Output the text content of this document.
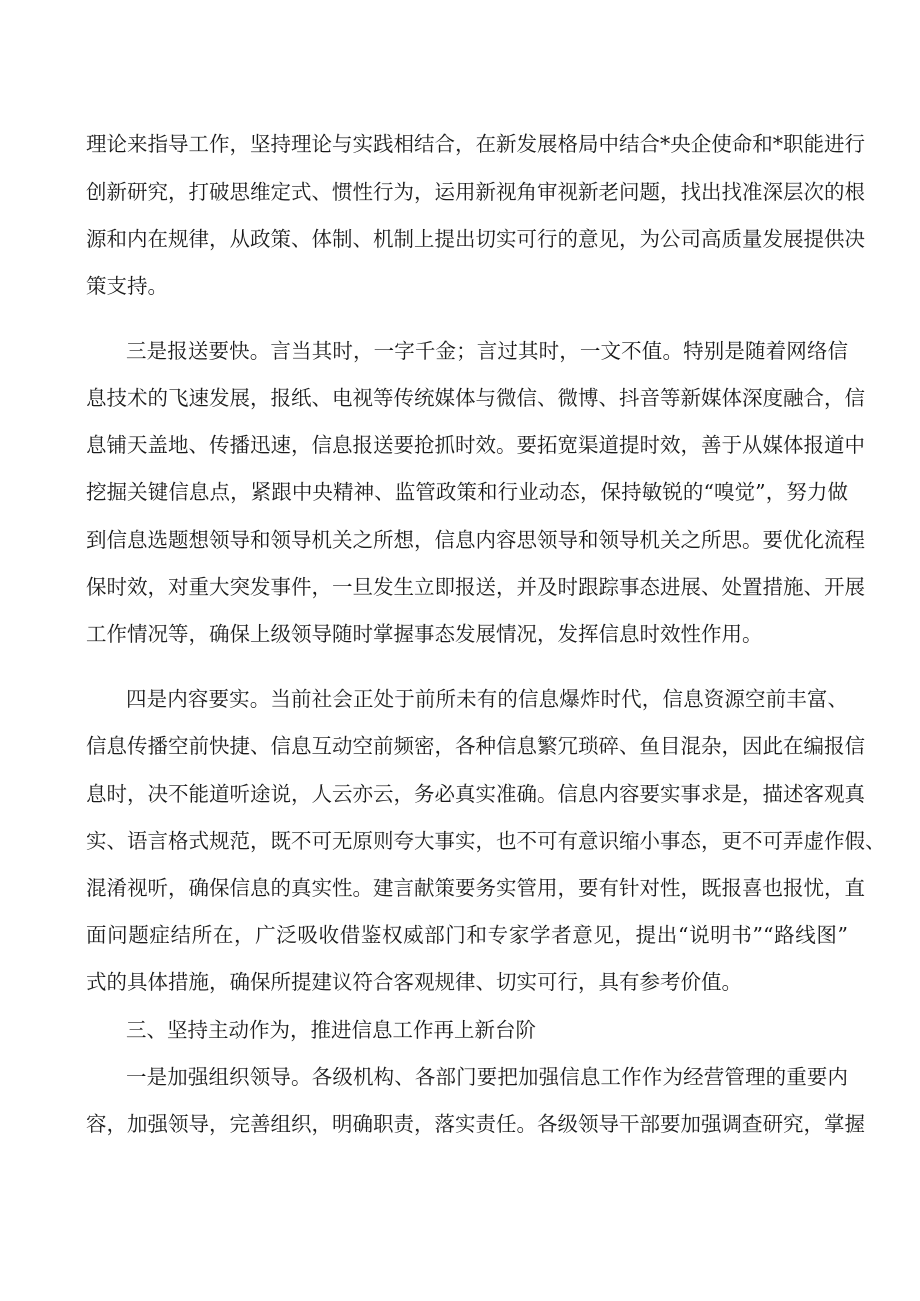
理论来指导工作，坚持理论与实践相结合，在新发展格局中结合*央企使命和*职能进行
创新研究，打破思维定式、惯性行为，运用新视角审视新老问题，找出找准深层次的根
源和内在规律，从政策、体制、机制上提出切实可行的意见，为公司高质量发展提供决
策支持。
三是报送要快。言当其时，一字千金；言过其时，一文不值。特别是随着网络信
息技术的飞速发展，报纸、电视等传统媒体与微信、微博、抖音等新媒体深度融合，信
息铺天盖地、传播迅速，信息报送要抢抓时效。要拓宽渠道提时效，善于从媒体报道中
挖掘关键信息点，紧跟中央精神、监管政策和行业动态，保持敏锐的“嗅觉”，努力做
到信息选题想领导和领导机关之所想，信息内容思领导和领导机关之所思。要优化流程
保时效，对重大突发事件，一旦发生立即报送，并及时跟踪事态进展、处置措施、开展
工作情况等，确保上级领导随时掌握事态发展情况，发挥信息时效性作用。
四是内容要实。当前社会正处于前所未有的信息爆炸时代，信息资源空前丰富、
信息传播空前快捷、信息互动空前频密，各种信息繁冗琐碎、鱼目混杂，因此在编报信
息时，决不能道听途说，人云亦云，务必真实准确。信息内容要实事求是，描述客观真
实、语言格式规范，既不可无原则夸大事实，也不可有意识缩小事态，更不可弄虚作假、
混淆视听，确保信息的真实性。建言献策要务实管用，要有针对性，既报喜也报忧，直
面问题症结所在，广泛吸收借鉴权威部门和专家学者意见，提出“说明书”“路线图”
式的具体措施，确保所提建议符合客观规律、切实可行，具有参考价值。
三、坚持主动作为，推进信息工作再上新台阶
一是加强组织领导。各级机构、各部门要把加强信息工作作为经营管理的重要内
容，加强领导，完善组织，明确职责，落实责任。各级领导干部要加强调查研究，掌握
